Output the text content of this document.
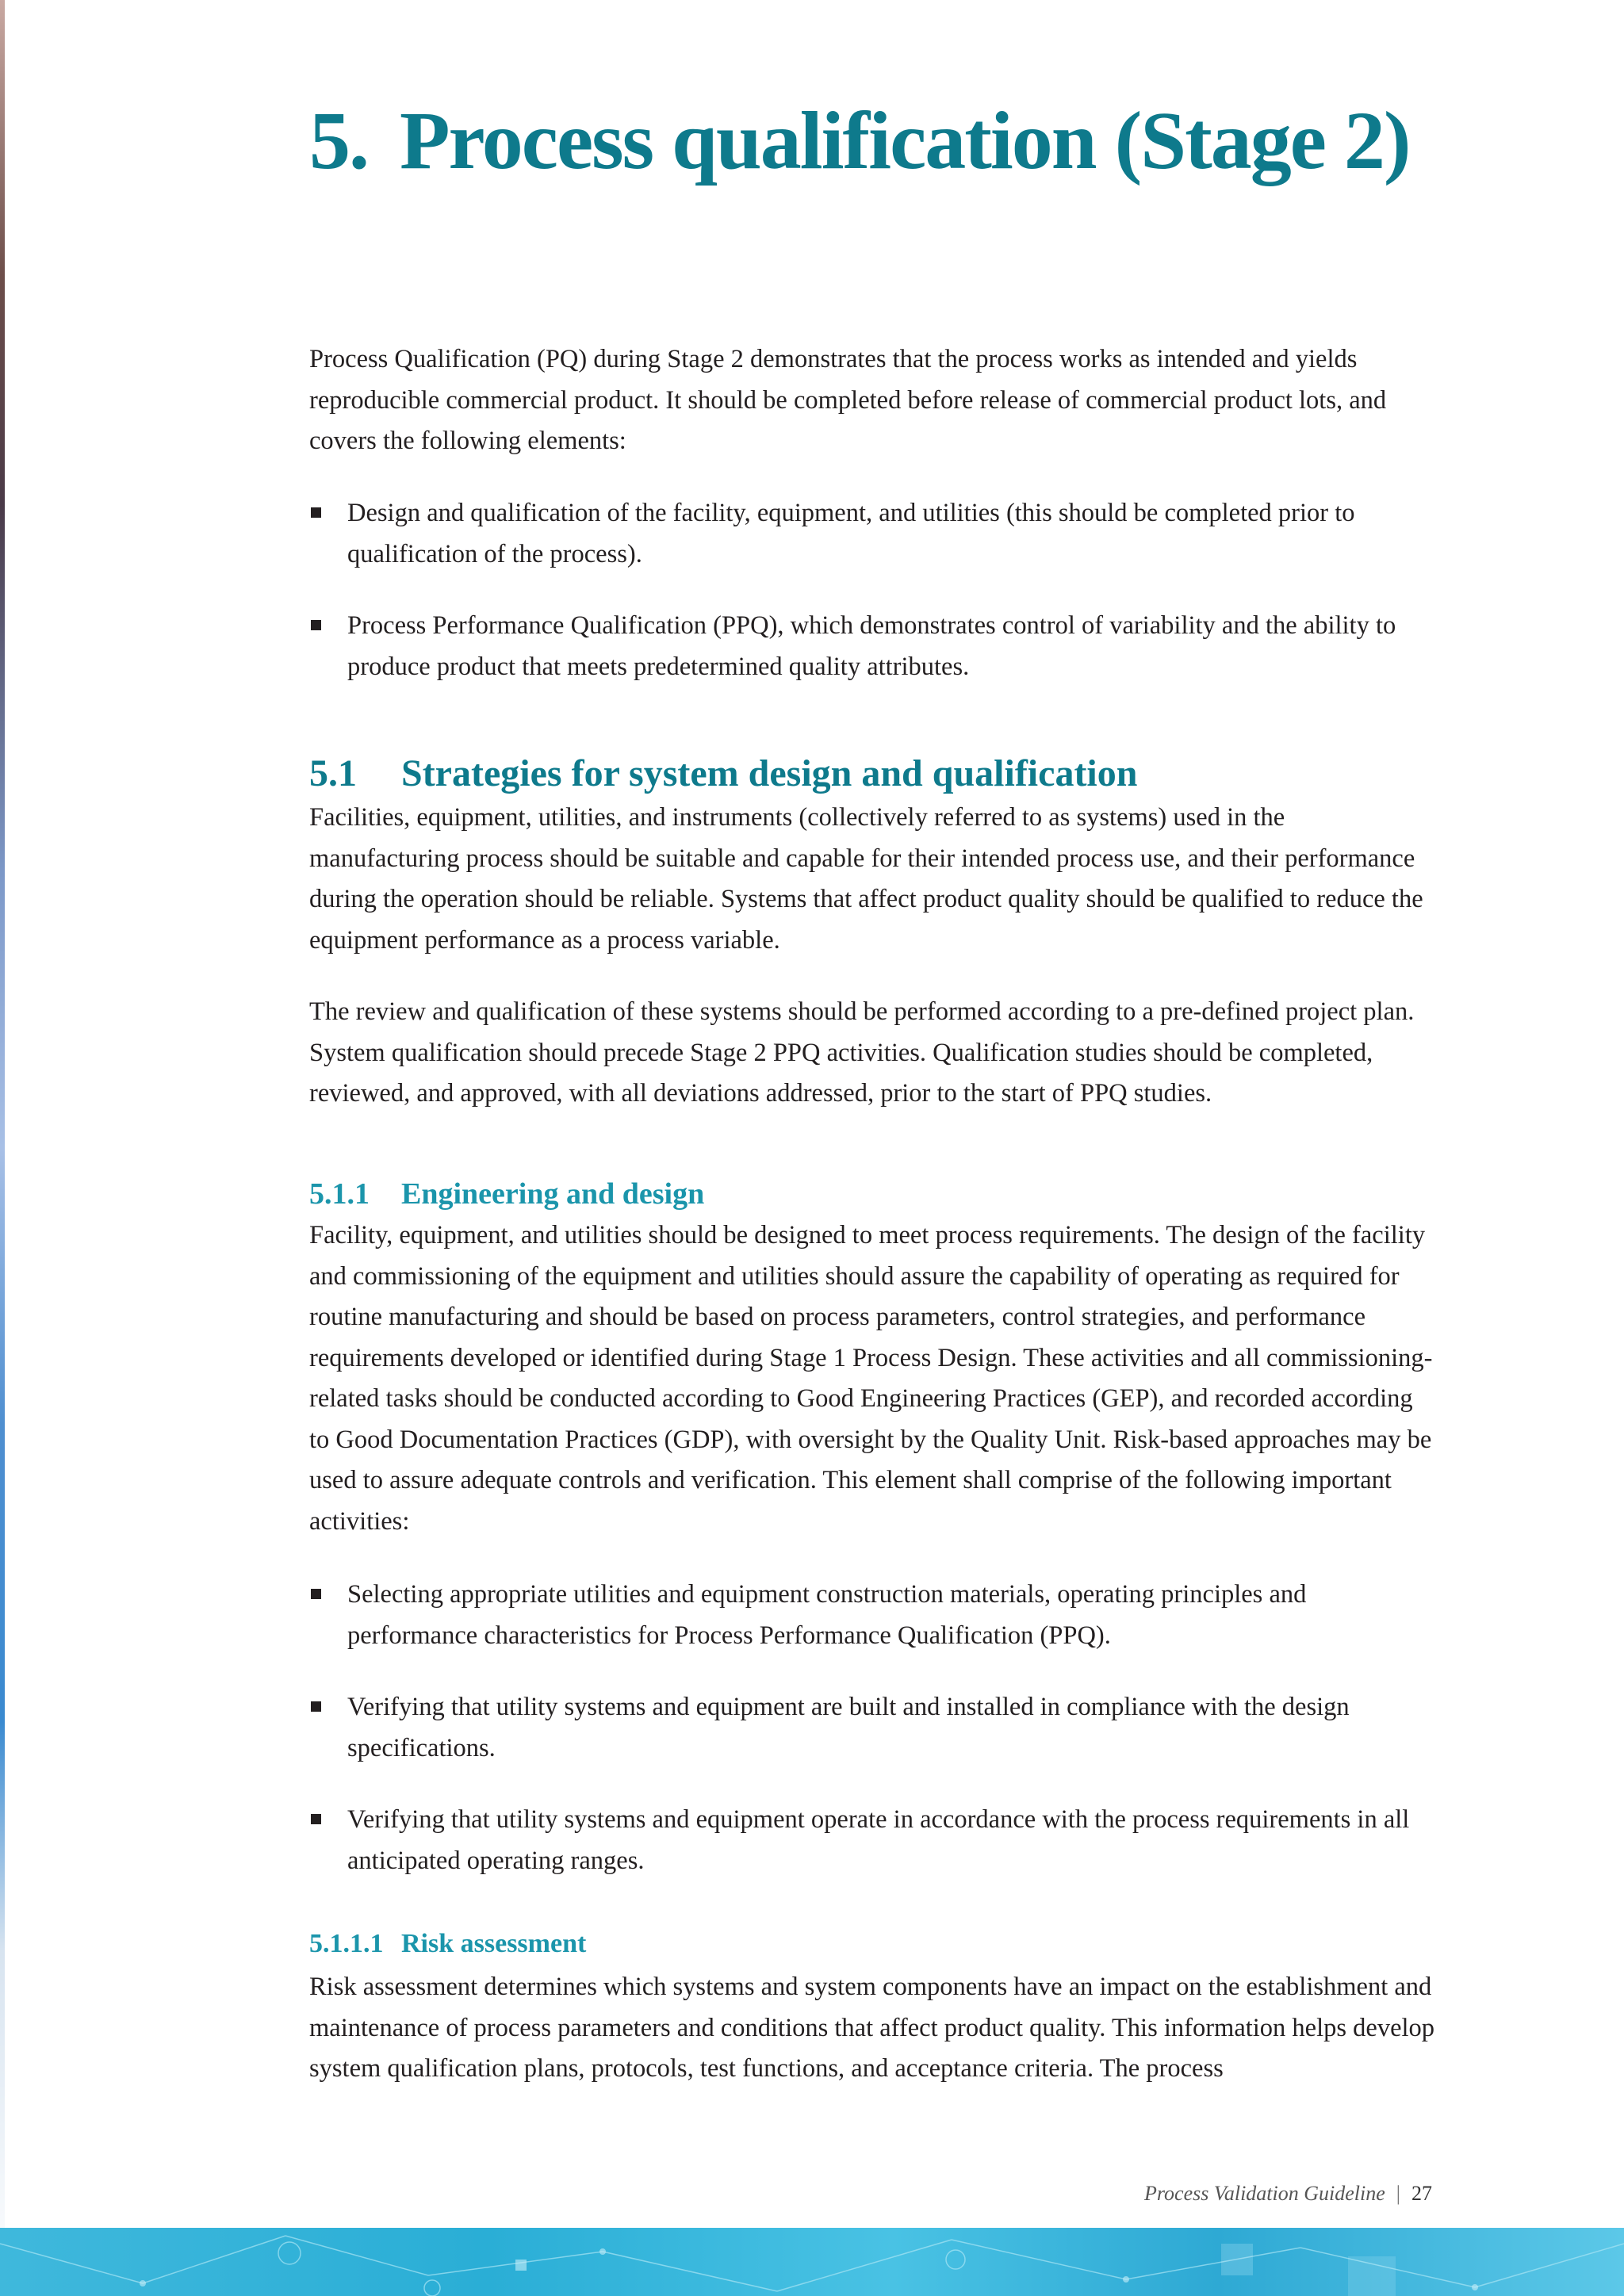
5. Process qualification (Stage 2)

Process Qualification (PQ) during Stage 2 demonstrates that the process works as intended and yields reproducible commercial product. It should be completed before release of commercial product lots, and covers the following elements:

Design and qualification of the facility, equipment, and utilities (this should be completed prior to qualification of the process).
Process Performance Qualification (PPQ), which demonstrates control of variability and the ability to produce product that meets predetermined quality attributes.
5.1 Strategies for system design and qualification

Facilities, equipment, utilities, and instruments (collectively referred to as systems) used in the manufacturing process should be suitable and capable for their intended process use, and their performance during the operation should be reliable. Systems that affect product quality should be qualified to reduce the equipment performance as a process variable.

The review and qualification of these systems should be performed according to a pre-defined project plan. System qualification should precede Stage 2 PPQ activities. Qualification studies should be completed, reviewed, and approved, with all deviations addressed, prior to the start of PPQ studies.

5.1.1 Engineering and design

Facility, equipment, and utilities should be designed to meet process requirements. The design of the facility and commissioning of the equipment and utilities should assure the capability of operating as required for routine manufacturing and should be based on process parameters, control strategies, and performance requirements developed or identified during Stage 1 Process Design. These activities and all commissioning-related tasks should be conducted according to Good Engineering Practices (GEP), and recorded according to Good Documentation Practices (GDP), with oversight by the Quality Unit. Risk-based approaches may be used to assure adequate controls and verification. This element shall comprise of the following important activities:

Selecting appropriate utilities and equipment construction materials, operating principles and performance characteristics for Process Performance Qualification (PPQ).
Verifying that utility systems and equipment are built and installed in compliance with the design specifications.
Verifying that utility systems and equipment operate in accordance with the process requirements in all anticipated operating ranges.
5.1.1.1 Risk assessment

Risk assessment determines which systems and system components have an impact on the establishment and maintenance of process parameters and conditions that affect product quality. This information helps develop system qualification plans, protocols, test functions, and acceptance criteria. The process

Process Validation Guideline | 27
